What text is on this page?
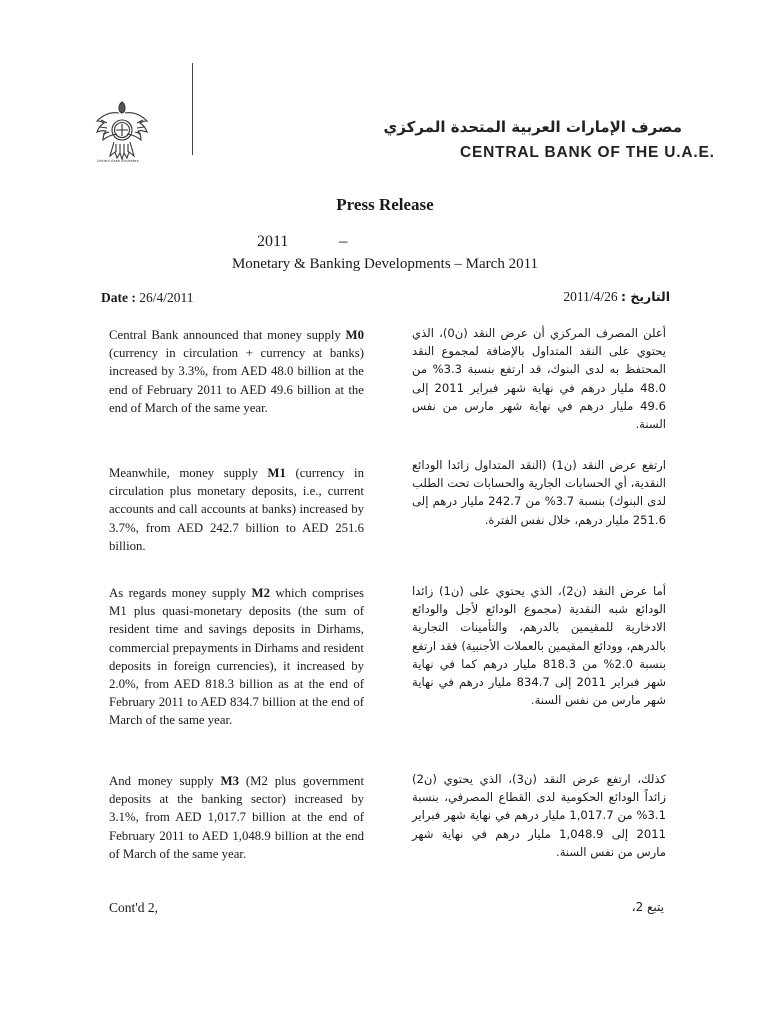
United Arab Emirates
مصرف الإمارات العربية المتحدة المركزي
CENTRAL BANK OF THE U.A.E.
Press Release
2011	–
Monetary & Banking Developments – March 2011
Date : 26/4/2011	التاريخ : 2011/4/26

Central Bank announced that money supply M0 (currency in circulation + currency at banks) increased by 3.3%, from AED 48.0 billion at the end of February 2011 to AED 49.6 billion at the end of March of the same year.

أعلن المصرف المركزي أن عرض النقد (ن0)، الذي يحتوي على النقد المتداول بالإضافة لمجموع النقد المحتفظ به لدى البنوك، قد ارتفع بنسبة 3.3% من 48.0 مليار درهم في نهاية شهر فبراير 2011 إلى 49.6 مليار درهم في نهاية شهر مارس من نفس السنة.

Meanwhile, money supply M1 (currency in circulation plus monetary deposits, i.e., current accounts and call accounts at banks) increased by 3.7%, from AED 242.7 billion to AED 251.6 billion.

ارتفع عرض النقد (ن1) (النقد المتداول زائدا الودائع النقدية، أي الحسابات الجارية والحسابات تحت الطلب لدى البنوك) بنسبة 3.7% من 242.7 مليار درهم إلى 251.6 مليار درهم، خلال نفس الفترة.

As regards money supply M2 which comprises M1 plus quasi-monetary deposits (the sum of resident time and savings deposits in Dirhams, commercial prepayments in Dirhams and resident deposits in foreign currencies), it increased by 2.0%, from AED 818.3 billion as at the end of February 2011 to AED 834.7 billion at the end of March of the same year.

أما عرض النقد (ن2)، الذي يحتوي على (ن1) زائدا الودائع شبه النقدية (مجموع الودائع لأجل والودائع الادخارية للمقيمين بالدرهم، والتأمينات التجارية بالدرهم، وودائع المقيمين بالعملات الأجنبية) فقد ارتفع بنسبة 2.0% من 818.3 مليار درهم كما في نهاية شهر فبراير 2011 إلى 834.7 مليار درهم في نهاية شهر مارس من نفس السنة.

And money supply M3 (M2 plus government deposits at the banking sector) increased by 3.1%, from AED 1,017.7 billion at the end of February 2011 to AED 1,048.9 billion at the end of March of the same year.

كذلك، ارتفع عرض النقد (ن3)، الذي يحتوي (ن2) زائداً الودائع الحكومية لدى القطاع المصرفي، بنسبة 3.1% من 1,017.7 مليار درهم في نهاية شهر فبراير 2011 إلى 1,048.9 مليار درهم في نهاية شهر مارس من نفس السنة.

Cont'd 2,	يتبع 2،
